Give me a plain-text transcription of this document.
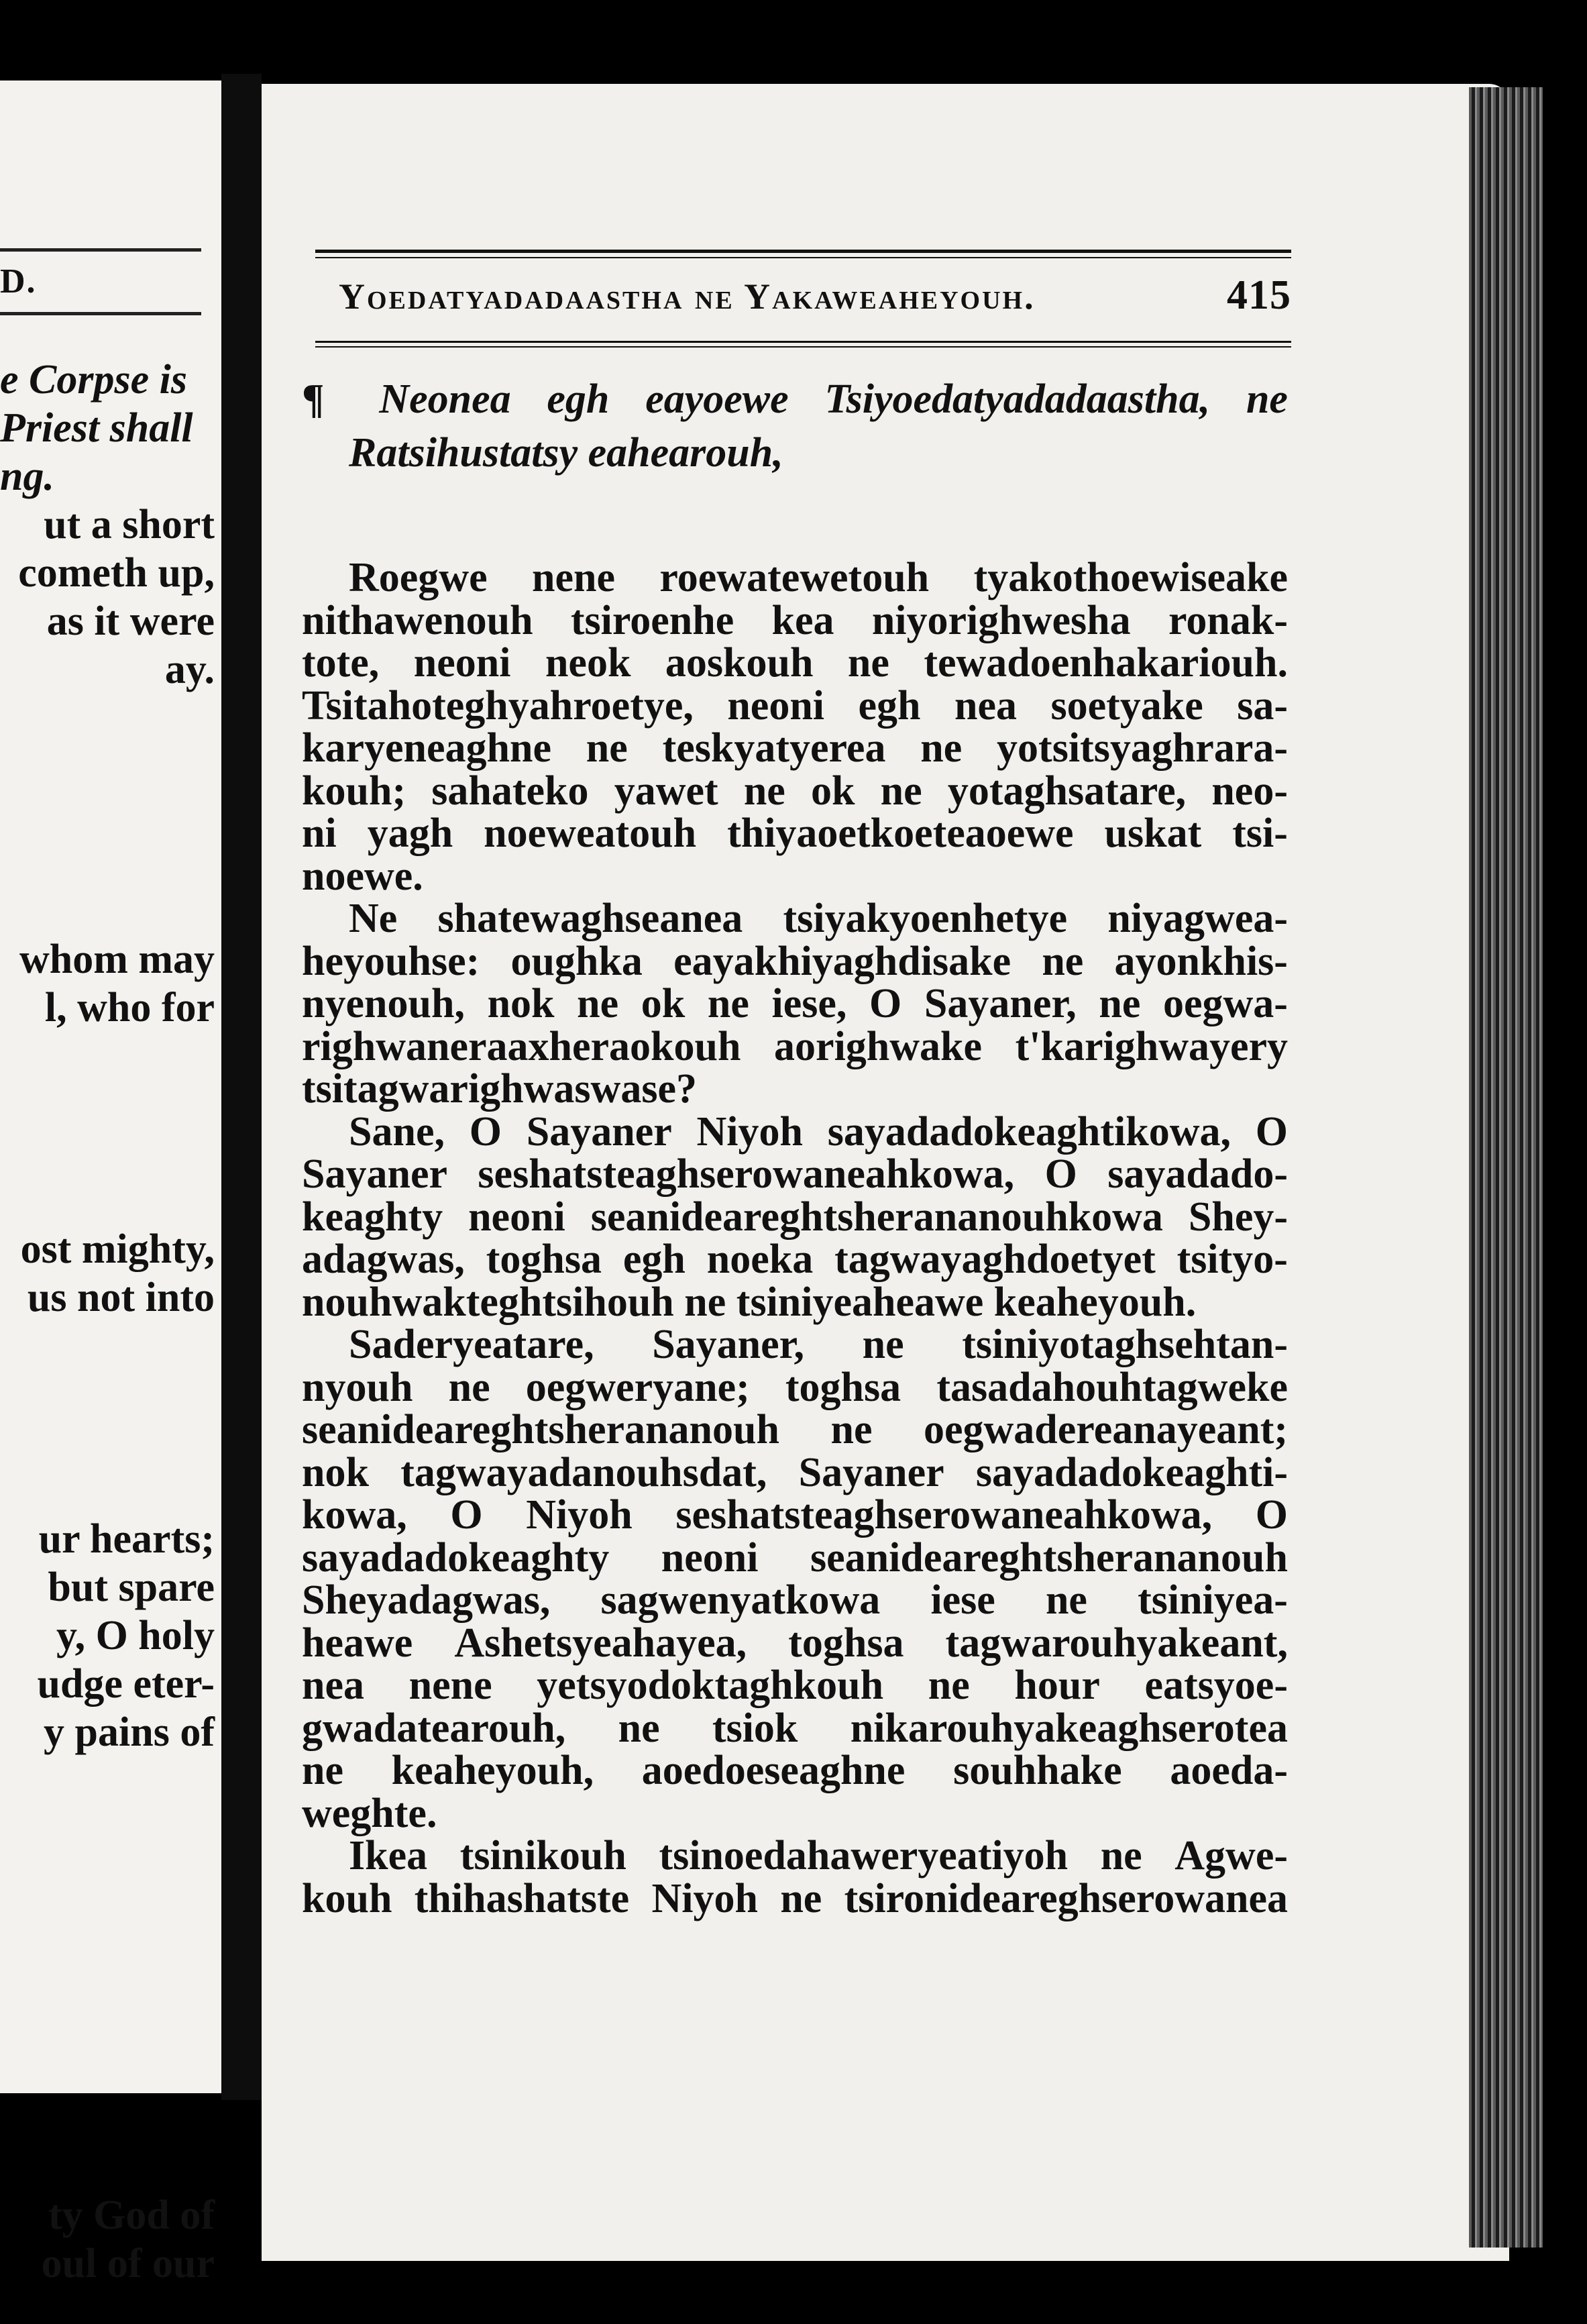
D.
e Corpse is
Priest shall
ng.
ut a short
cometh up,
as it were
ay.
whom may
l, who for
ost mighty,
us not into
ur hearts;
but spare
y, O holy
udge eter-
y pains of
ty God of
oul of our
Yoedatyadadaastha ne Yakaweaheyouh.	415
¶ Neonea egh eayoewe Tsiyoedatyadadaastha, ne
Ratsihustatsy eahearouh,
Roegwe nene roewatewetouh tyakothoewiseake
nithawenouh tsiroenhe kea niyorighwesha ronak-
tote, neoni neok aoskouh ne tewadoenhakariouh.
Tsitahoteghyahroetye, neoni egh nea soetyake sa-
karyeneaghne ne teskyatyerea ne yotsitsyaghrara-
kouh; sahateko yawet ne ok ne yotaghsatare, neo-
ni yagh noeweatouh thiyaoetkoeteaoewe uskat tsi-
noewe.
Ne shatewaghseanea tsiyakyoenhetye niyagwea-
heyouhse: oughka eayakhiyaghdisake ne ayonkhis-
nyenouh, nok ne ok ne iese, O Sayaner, ne oegwa-
righwaneraaxheraokouh aorighwake t'karighwayery
tsitagwarighwaswase?
Sane, O Sayaner Niyoh sayadadokeaghtikowa, O
Sayaner seshatsteaghserowaneahkowa, O sayadado-
keaghty neoni seanideareghtsherananouhkowa Shey-
adagwas, toghsa egh noeka tagwayaghdoetyet tsityo-
nouhwakteghtsihouh ne tsiniyeaheawe keaheyouh.
Saderyeatare, Sayaner, ne tsiniyotaghsehtan-
nyouh ne oegweryane; toghsa tasadahouhtagweke
seanideareghtsherananouh ne oegwadereanayeant;
nok tagwayadanouhsdat, Sayaner sayadadokeaghti-
kowa, O Niyoh seshatsteaghserowaneahkowa, O
sayadadokeaghty neoni seanideareghtsherananouh
Sheyadagwas, sagwenyatkowa iese ne tsiniyea-
heawe Ashetsyeahayea, toghsa tagwarouhyakeant,
nea nene yetsyodoktaghkouh ne hour eatsyoe-
gwadatearouh, ne tsiok nikarouhyakeaghserotea
ne keaheyouh, aoedoeseaghne souhhake aoeda-
weghte.
Ikea tsinikouh tsinoedahaweryeatiyoh ne Agwe-
kouh thihashatste Niyoh ne tsironideareghserowanea
